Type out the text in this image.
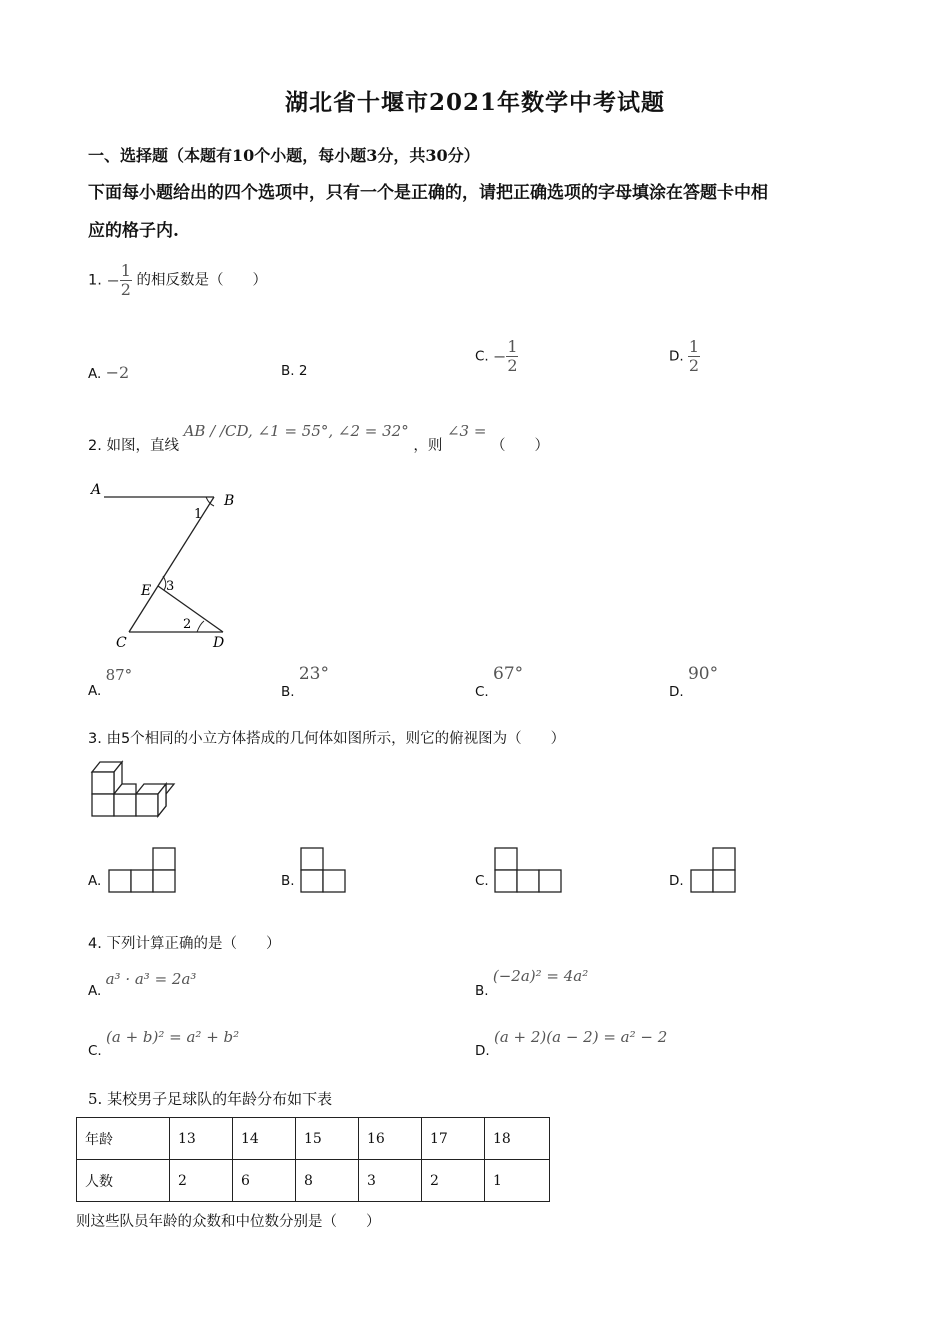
湖北省十堰市2021年数学中考试题
一、选择题（本题有10个小题，每小题3分，共30分）
下面每小题给出的四个选项中，只有一个是正确的，请把正确选项的字母填涂在答题卡中相
应的格子内.
1. − $\frac{1}{2}$ 的相反数是（　　）
A. −2	B. 2
C. − $\frac{1}{2}$	D. $\frac{1}{2}$
2. 如图，直线 AB / /CD, ∠1 = 55°, ∠2 = 32° ，则 ∠3 = （　　）
A
B
C	D
E
1
2
3
A. 87°
B. 23°
C. 67°
D. 90°
3. 由5个相同的小立方体搭成的几何体如图所示，则它的俯视图为（　　）
A.	B.	C.	D.
4. 下列计算正确的是（　　）
A. a³ · a³ = 2a³
B. (−2a)² = 4a²
C. (a + b)² = a² + b²
D. (a + 2)(a − 2) = a² − 2
5. 某校男子足球队的年龄分布如下表
年龄	13	14	15	16	17	18
人数	2	6	8	3	2	1
则这些队员年龄的众数和中位数分别是（　　）
